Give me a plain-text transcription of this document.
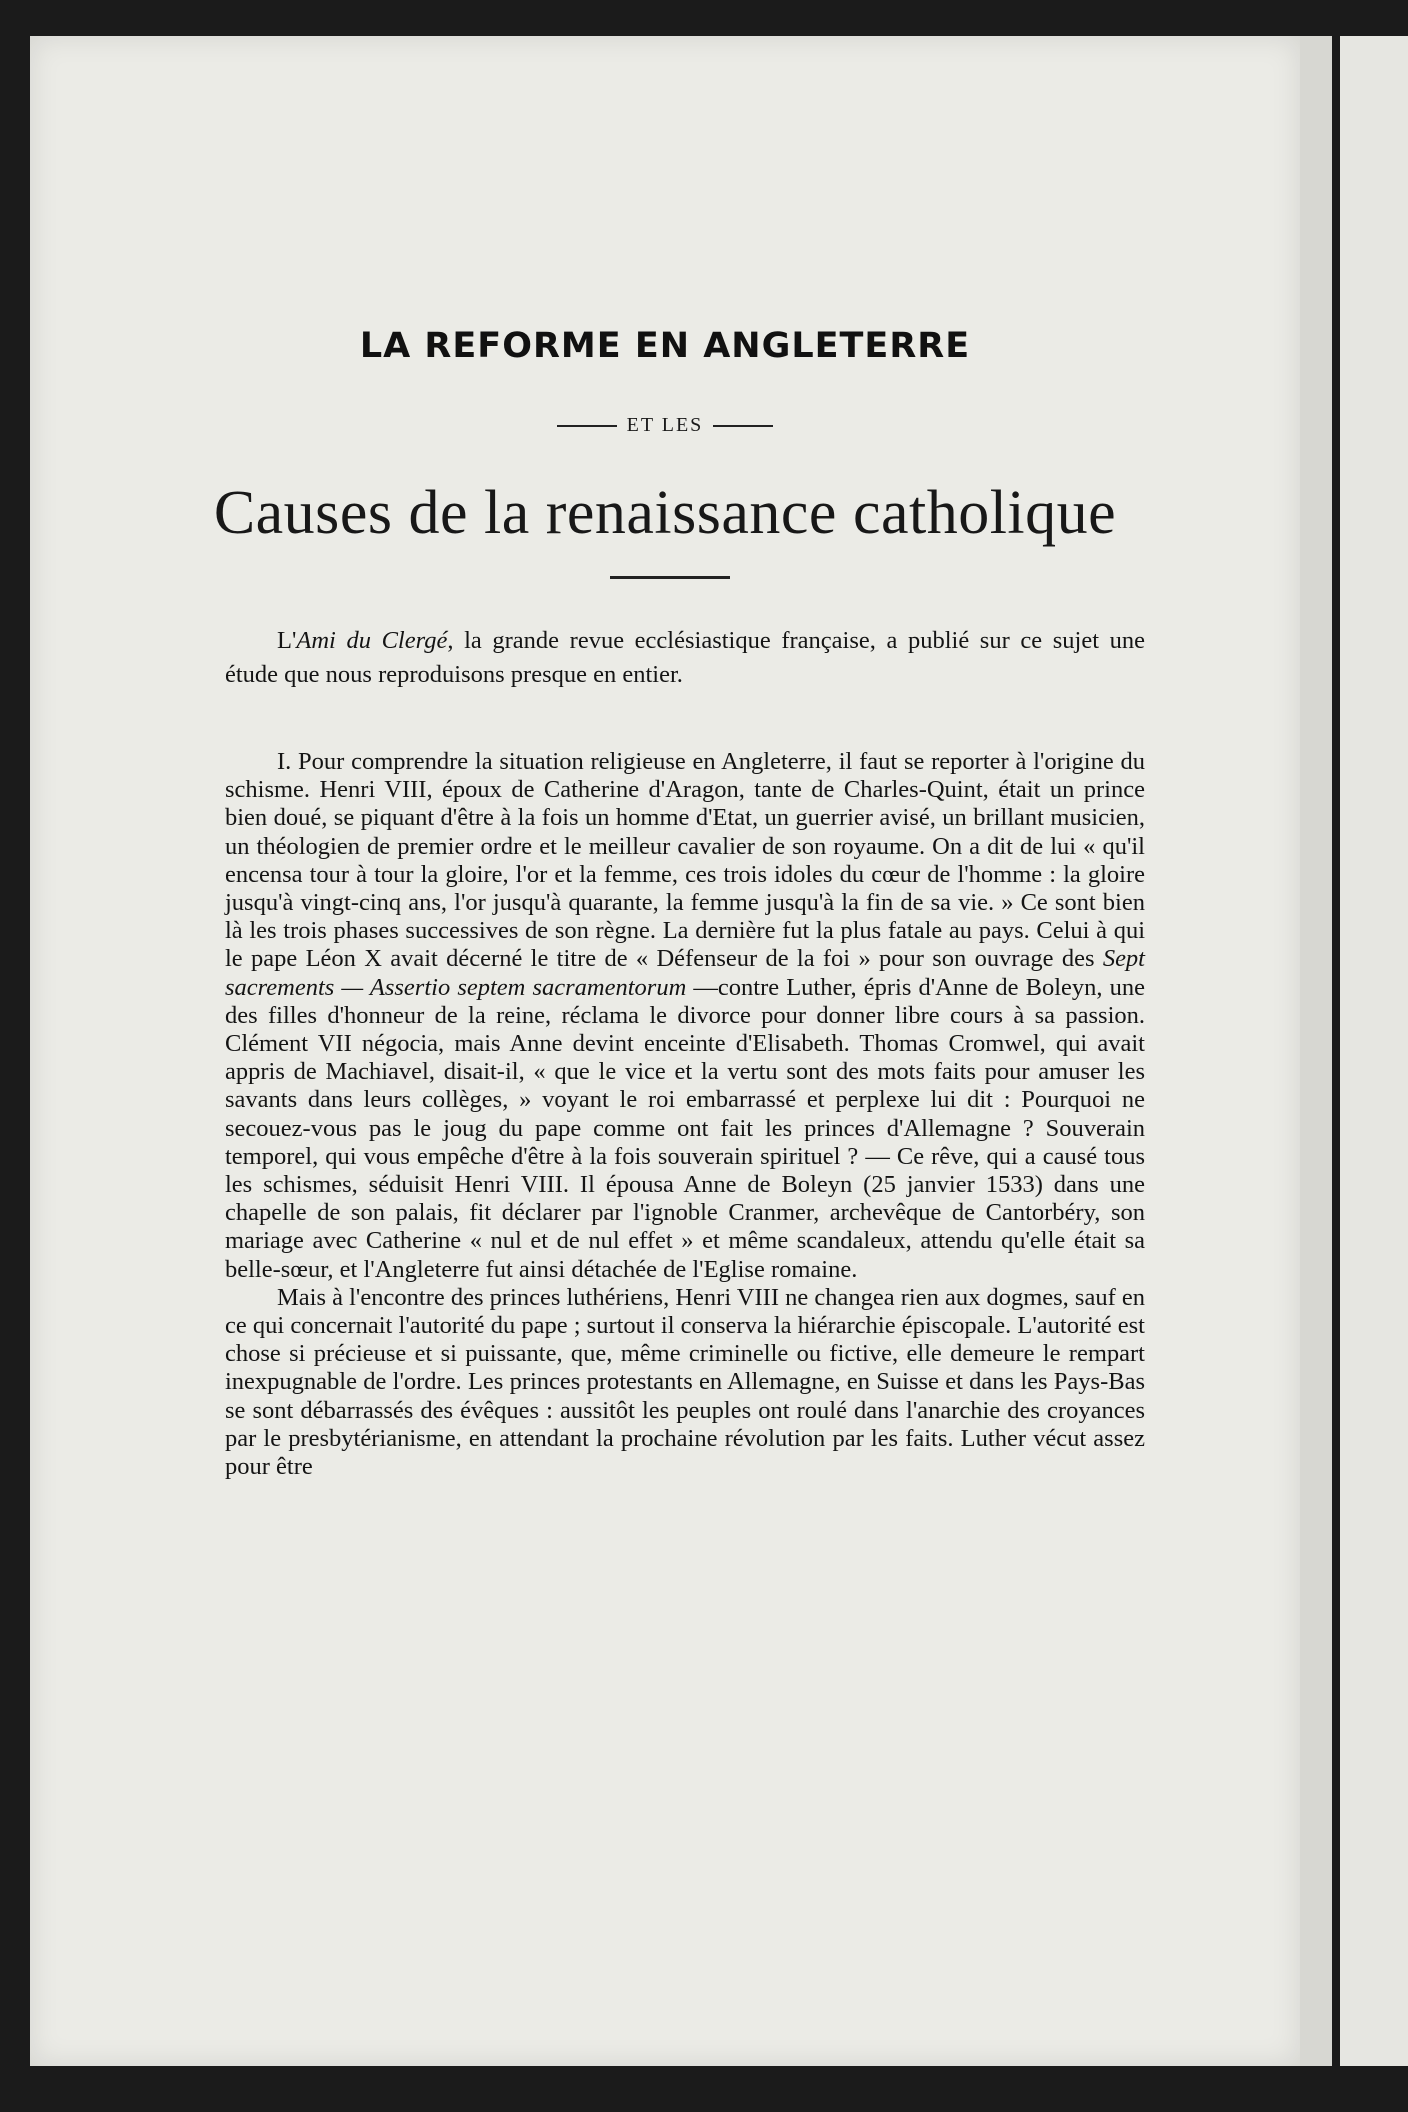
LA REFORME EN ANGLETERRE
ET LES
Causes de la renaissance catholique

L'Ami du Clergé, la grande revue ecclésiastique française, a publié sur ce sujet une étude que nous reproduisons presque en entier.

I. Pour comprendre la situation religieuse en Angleterre, il faut se reporter à l'origine du schisme. Henri VIII, époux de Catherine d'Aragon, tante de Charles-Quint, était un prince bien doué, se piquant d'être à la fois un homme d'Etat, un guerrier avisé, un brillant musicien, un théologien de premier ordre et le meilleur cavalier de son royaume. On a dit de lui « qu'il encensa tour à tour la gloire, l'or et la femme, ces trois idoles du cœur de l'homme : la gloire jusqu'à vingt-cinq ans, l'or jusqu'à quarante, la femme jusqu'à la fin de sa vie. » Ce sont bien là les trois phases successives de son règne. La dernière fut la plus fatale au pays. Celui à qui le pape Léon X avait décerné le titre de « Défenseur de la foi » pour son ouvrage des Sept sacrements — Assertio septem sacramentorum —contre Luther, épris d'Anne de Boleyn, une des filles d'honneur de la reine, réclama le divorce pour donner libre cours à sa passion. Clément VII négocia, mais Anne devint enceinte d'Elisabeth. Thomas Cromwel, qui avait appris de Machiavel, disait-il, « que le vice et la vertu sont des mots faits pour amuser les savants dans leurs collèges, » voyant le roi embarrassé et perplexe lui dit : Pourquoi ne secouez-vous pas le joug du pape comme ont fait les princes d'Allemagne ? Souverain temporel, qui vous empêche d'être à la fois souverain spirituel ? — Ce rêve, qui a causé tous les schismes, séduisit Henri VIII. Il épousa Anne de Boleyn (25 janvier 1533) dans une chapelle de son palais, fit déclarer par l'ignoble Cranmer, archevêque de Cantorbéry, son mariage avec Catherine « nul et de nul effet » et même scandaleux, attendu qu'elle était sa belle-sœur, et l'Angleterre fut ainsi détachée de l'Eglise romaine.

Mais à l'encontre des princes luthériens, Henri VIII ne changea rien aux dogmes, sauf en ce qui concernait l'autorité du pape ; surtout il conserva la hiérarchie épiscopale. L'autorité est chose si précieuse et si puissante, que, même criminelle ou fictive, elle demeure le rempart inexpugnable de l'ordre. Les princes protestants en Allemagne, en Suisse et dans les Pays-Bas se sont débarrassés des évêques : aussitôt les peuples ont roulé dans l'anarchie des croyances par le presbytérianisme, en attendant la prochaine révolution par les faits. Luther vécut assez pour être
